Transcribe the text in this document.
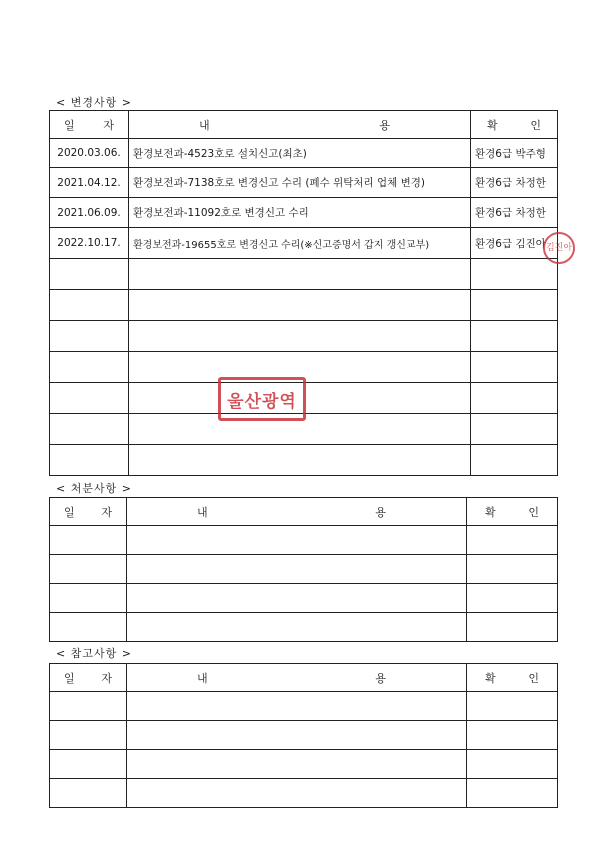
< 변경사항 >
일 자	내 용	확 인

2020.03.06.	환경보전과-4523호로 설치신고(최초)	환경6급 박주형
2021.04.12.	환경보전과-7138호로 변경신고 수리 (폐수 위탁처리 업체 변경)	환경6급 차정한
2021.06.09.	환경보전과-11092호로 변경신고 수리	환경6급 차정한
2022.10.17.	환경보전과-19655호로 변경신고 수리(※신고증명서 갑지 갱신교부)	환경6급 김진아

< 처분사항 >
일 자	내 용	확 인

< 참고사항 >
일 자	내 용	확 인

울산광역
김진아
